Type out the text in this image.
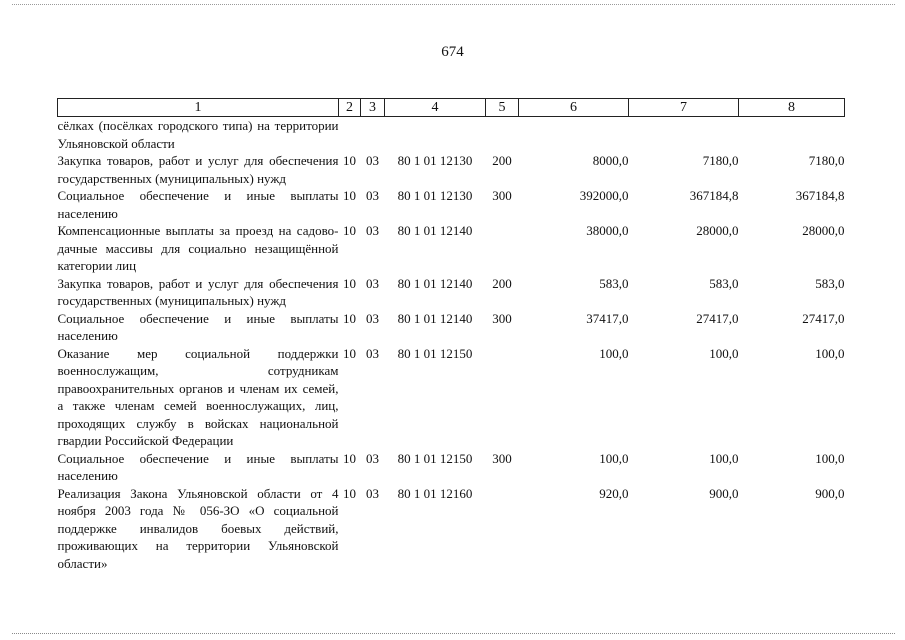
674
1	2	3	4	5	6	7	8
сёлках (посёлках городского типа) на территории Ульяновской области							
Закупка товаров, работ и услуг для обеспечения государственных (муниципальных) нужд	10	03	80 1 01 12130	200	8000,0	7180,0	7180,0
Социальное обеспечение и иные выплаты населению	10	03	80 1 01 12130	300	392000,0	367184,8	367184,8
Компенсационные выплаты за проезд на садово-дачные массивы для социально незащищённой категории лиц	10	03	80 1 01 12140		38000,0	28000,0	28000,0
Закупка товаров, работ и услуг для обеспечения государственных (муниципальных) нужд	10	03	80 1 01 12140	200	583,0	583,0	583,0
Социальное обеспечение и иные выплаты населению	10	03	80 1 01 12140	300	37417,0	27417,0	27417,0
Оказание мер социальной поддержки военнослужащим, сотрудникам правоохранительных органов и членам их семей, а также членам семей военнослужащих, лиц, проходящих службу в войсках национальной гвардии Российской Федерации	10	03	80 1 01 12150		100,0	100,0	100,0
Социальное обеспечение и иные выплаты населению	10	03	80 1 01 12150	300	100,0	100,0	100,0
Реализация Закона Ульяновской области от 4 ноября 2003 года № 056-ЗО «О социальной поддержке инвалидов боевых действий, проживающих на территории Ульяновской области»	10	03	80 1 01 12160		920,0	900,0	900,0
